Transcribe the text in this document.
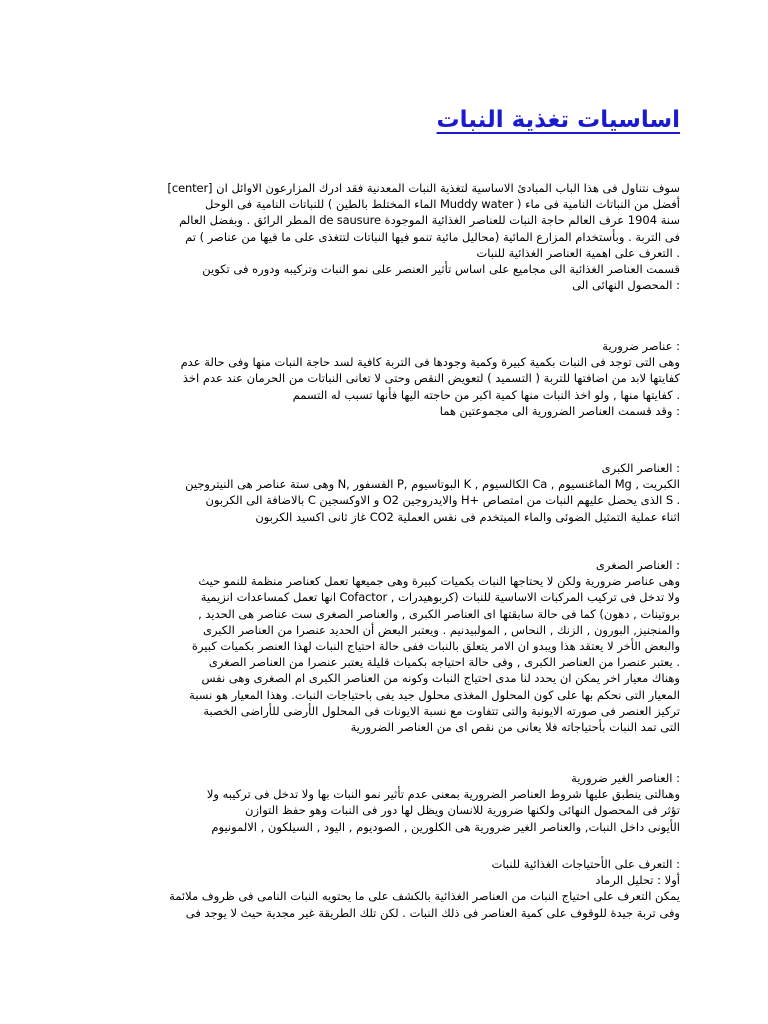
اساسيات تغذية النبات
سوف نتناول فى هذا الباب المبادئ الاساسية لتغذية النبات المعدنية فقد ادرك المزارعون الاوائل ان [center]
أفضل من النباتات النامية فى ماء ( Muddy water الماء المختلط بالطين ) للنباتات النامية فى الوحل
سنة 1904 عرف العالم حاجة النبات للعناصر الغذائية الموجودة de sausure المطر الرائق . وبفضل العالم
فى التربة . وبأستخدام المزارع المائية (محاليل مائية تنمو فيها النباتات لتتغذى على ما فيها من عناصر ) تم
. التعرف على اهمية العناصر الغذائية للنبات
قسمت العناصر الغذائية الى مجاميع على اساس تأثير العنصر على نمو النبات وتركيبه ودوره فى تكوين
: المحصول النهائى الى
: عناصر ضرورية
وهى التى توجد فى النبات بكمية كبيرة وكمية وجودها فى التربة كافية لسد حاجة النبات منها وفى حالة عدم
كفايتها لابد من اضافتها للتربة ( التسميد ) لتعويض النقص وحتى لا تعانى النباتات من الحرمان عند عدم اخذ
. كفايتها منها , ولو اخذ النبات منها كمية اكبر من حاجته اليها فأنها تسبب له التسمم
: وقد قسمت العناصر الضرورية الى مجموعتين هما
: العناصر الكبرى
الكبريت , Mg الماغنسيوم , Ca الكالسيوم , K البوتاسيوم ,P الفسفور ,N وهى ستة عناصر هى النيتروجين
. S الذى يحصل عليهم النبات من امتصاص +H والايدروجين O2 و الاوكسجين C بالاضافة الى الكربون
اثناء عملية التمثيل الضوئى والماء الميتخدم فى نفس العملية CO2 غاز ثانى اكسيد الكربون
: العناصر الصغرى
وهى عناصر ضرورية ولكن لا يحتاجها النبات بكميات كبيرة وهى جميعها تعمل كعناصر منظمة للنمو حيث
ولا تدخل فى تركيب المركبات الاساسية للنبات (كربوهيدرات , Cofactor انها تعمل كمساعدات انزيمية
بروتينات , دهون) كما فى حالة سابقتها اى العناصر الكبرى , والعناصر الصغرى ست عناصر هى الحديد ,
والمنجنيز, البورون , الزنك , النحاس , المولبيدنيم . ويعتبر البعض أن الحديد عنصرا من العناصر الكبرى
والبعض الأخر لا يعتقد هذا ويبدو ان الامر يتعلق بالنبات ففى حالة احتياج النبات لهذا العنصر بكميات كبيرة
. يعتبر عنصرا من العناصر الكبرى , وفى حالة احتياجه بكميات قليلة يعتبر عنصرا من العناصر الصغرى
وهناك معيار اخر يمكن ان يحدد لنا مدى احتياج النبات وكونه من العناصر الكبرى ام الصغرى وهى نفس
المعيار التى نحكم بها على كون المحلول المغذى محلول جيد يفى باحتياجات النبات. وهذا المعيار هو نسبة
تركيز العنصر فى صورته الايونية والتى تتفاوت مع نسبة الايونات فى المحلول الأرضى للأراضى الخصبة
التى تمد النبات بأحتياجاته فلا يعانى من نقص اى من العناصر الضرورية
: العناصر الغير ضرورية
وهىالتى ينطبق عليها شروط العناصر الضرورية بمعنى عدم تأثير نمو النبات بها ولا تدخل فى تركيبه ولا
تؤثر فى المحصول النهائى ولكنها ضرورية للانسان ويظل لها دور فى النبات وهو حفظ التوازن
الأيونى داخل النبات, والعناصر الغير ضرورية هى الكلورين , الصوديوم , اليود , السيلكون , الالمونيوم
: التعرف على الأحتياجات الغذائية للنبات
أولا : تحليل الرماد
يمكن التعرف على احتياج النبات من العناصر الغذائية بالكشف على ما يحتويه النبات النامى فى ظروف ملائمة
وفى تربة جيدة للوقوف على كمية العناصر فى ذلك النبات . لكن تلك الطريقة غير مجدية حيث لا يوجد فى
